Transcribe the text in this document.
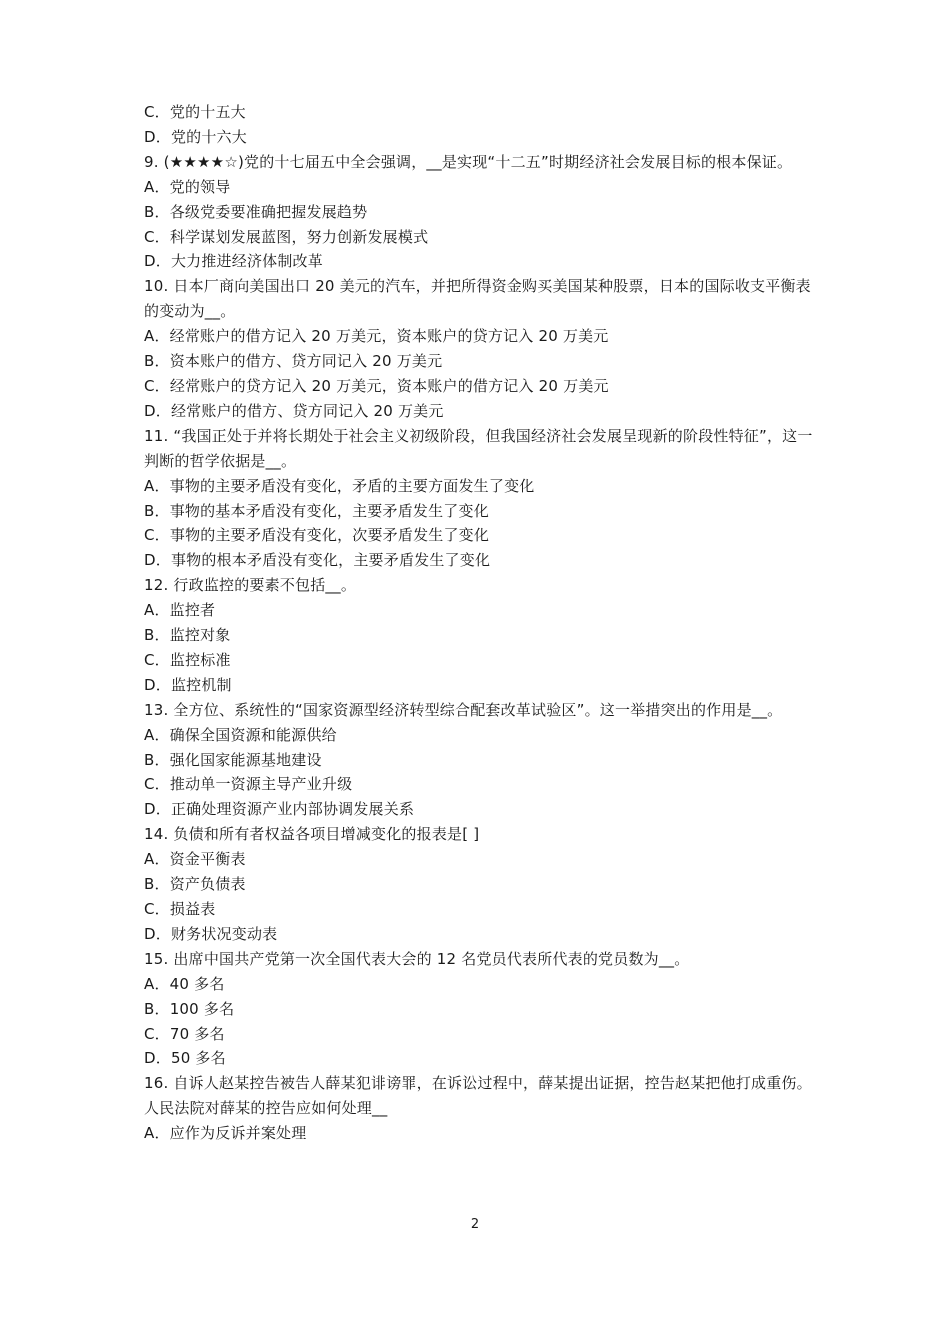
C．党的十五大
D．党的十六大
9. (★★★★☆)党的十七届五中全会强调，__是实现“十二五”时期经济社会发展目标的根本保证。
A．党的领导
B．各级党委要准确把握发展趋势
C．科学谋划发展蓝图，努力创新发展模式
D．大力推进经济体制改革
10. 日本厂商向美国出口 20 美元的汽车，并把所得资金购买美国某种股票，日本的国际收支平衡表的变动为__。
A．经常账户的借方记入 20 万美元，资本账户的贷方记入 20 万美元
B．资本账户的借方、贷方同记入 20 万美元
C．经常账户的贷方记入 20 万美元，资本账户的借方记入 20 万美元
D．经常账户的借方、贷方同记入 20 万美元
11. “我国正处于并将长期处于社会主义初级阶段，但我国经济社会发展呈现新的阶段性特征”，这一判断的哲学依据是__。
A．事物的主要矛盾没有变化，矛盾的主要方面发生了变化
B．事物的基本矛盾没有变化，主要矛盾发生了变化
C．事物的主要矛盾没有变化，次要矛盾发生了变化
D．事物的根本矛盾没有变化，主要矛盾发生了变化
12. 行政监控的要素不包括__。
A．监控者
B．监控对象
C．监控标准
D．监控机制
13. 全方位、系统性的“国家资源型经济转型综合配套改革试验区”。这一举措突出的作用是__。
A．确保全国资源和能源供给
B．强化国家能源基地建设
C．推动单一资源主导产业升级
D．正确处理资源产业内部协调发展关系
14. 负债和所有者权益各项目增减变化的报表是[ ]
A．资金平衡表
B．资产负债表
C．损益表
D．财务状况变动表
15. 出席中国共产党第一次全国代表大会的 12 名党员代表所代表的党员数为__。
A．40 多名
B．100 多名
C．70 多名
D．50 多名
16. 自诉人赵某控告被告人薛某犯诽谤罪，在诉讼过程中，薛某提出证据，控告赵某把他打成重伤。人民法院对薛某的控告应如何处理__
A．应作为反诉并案处理
2
